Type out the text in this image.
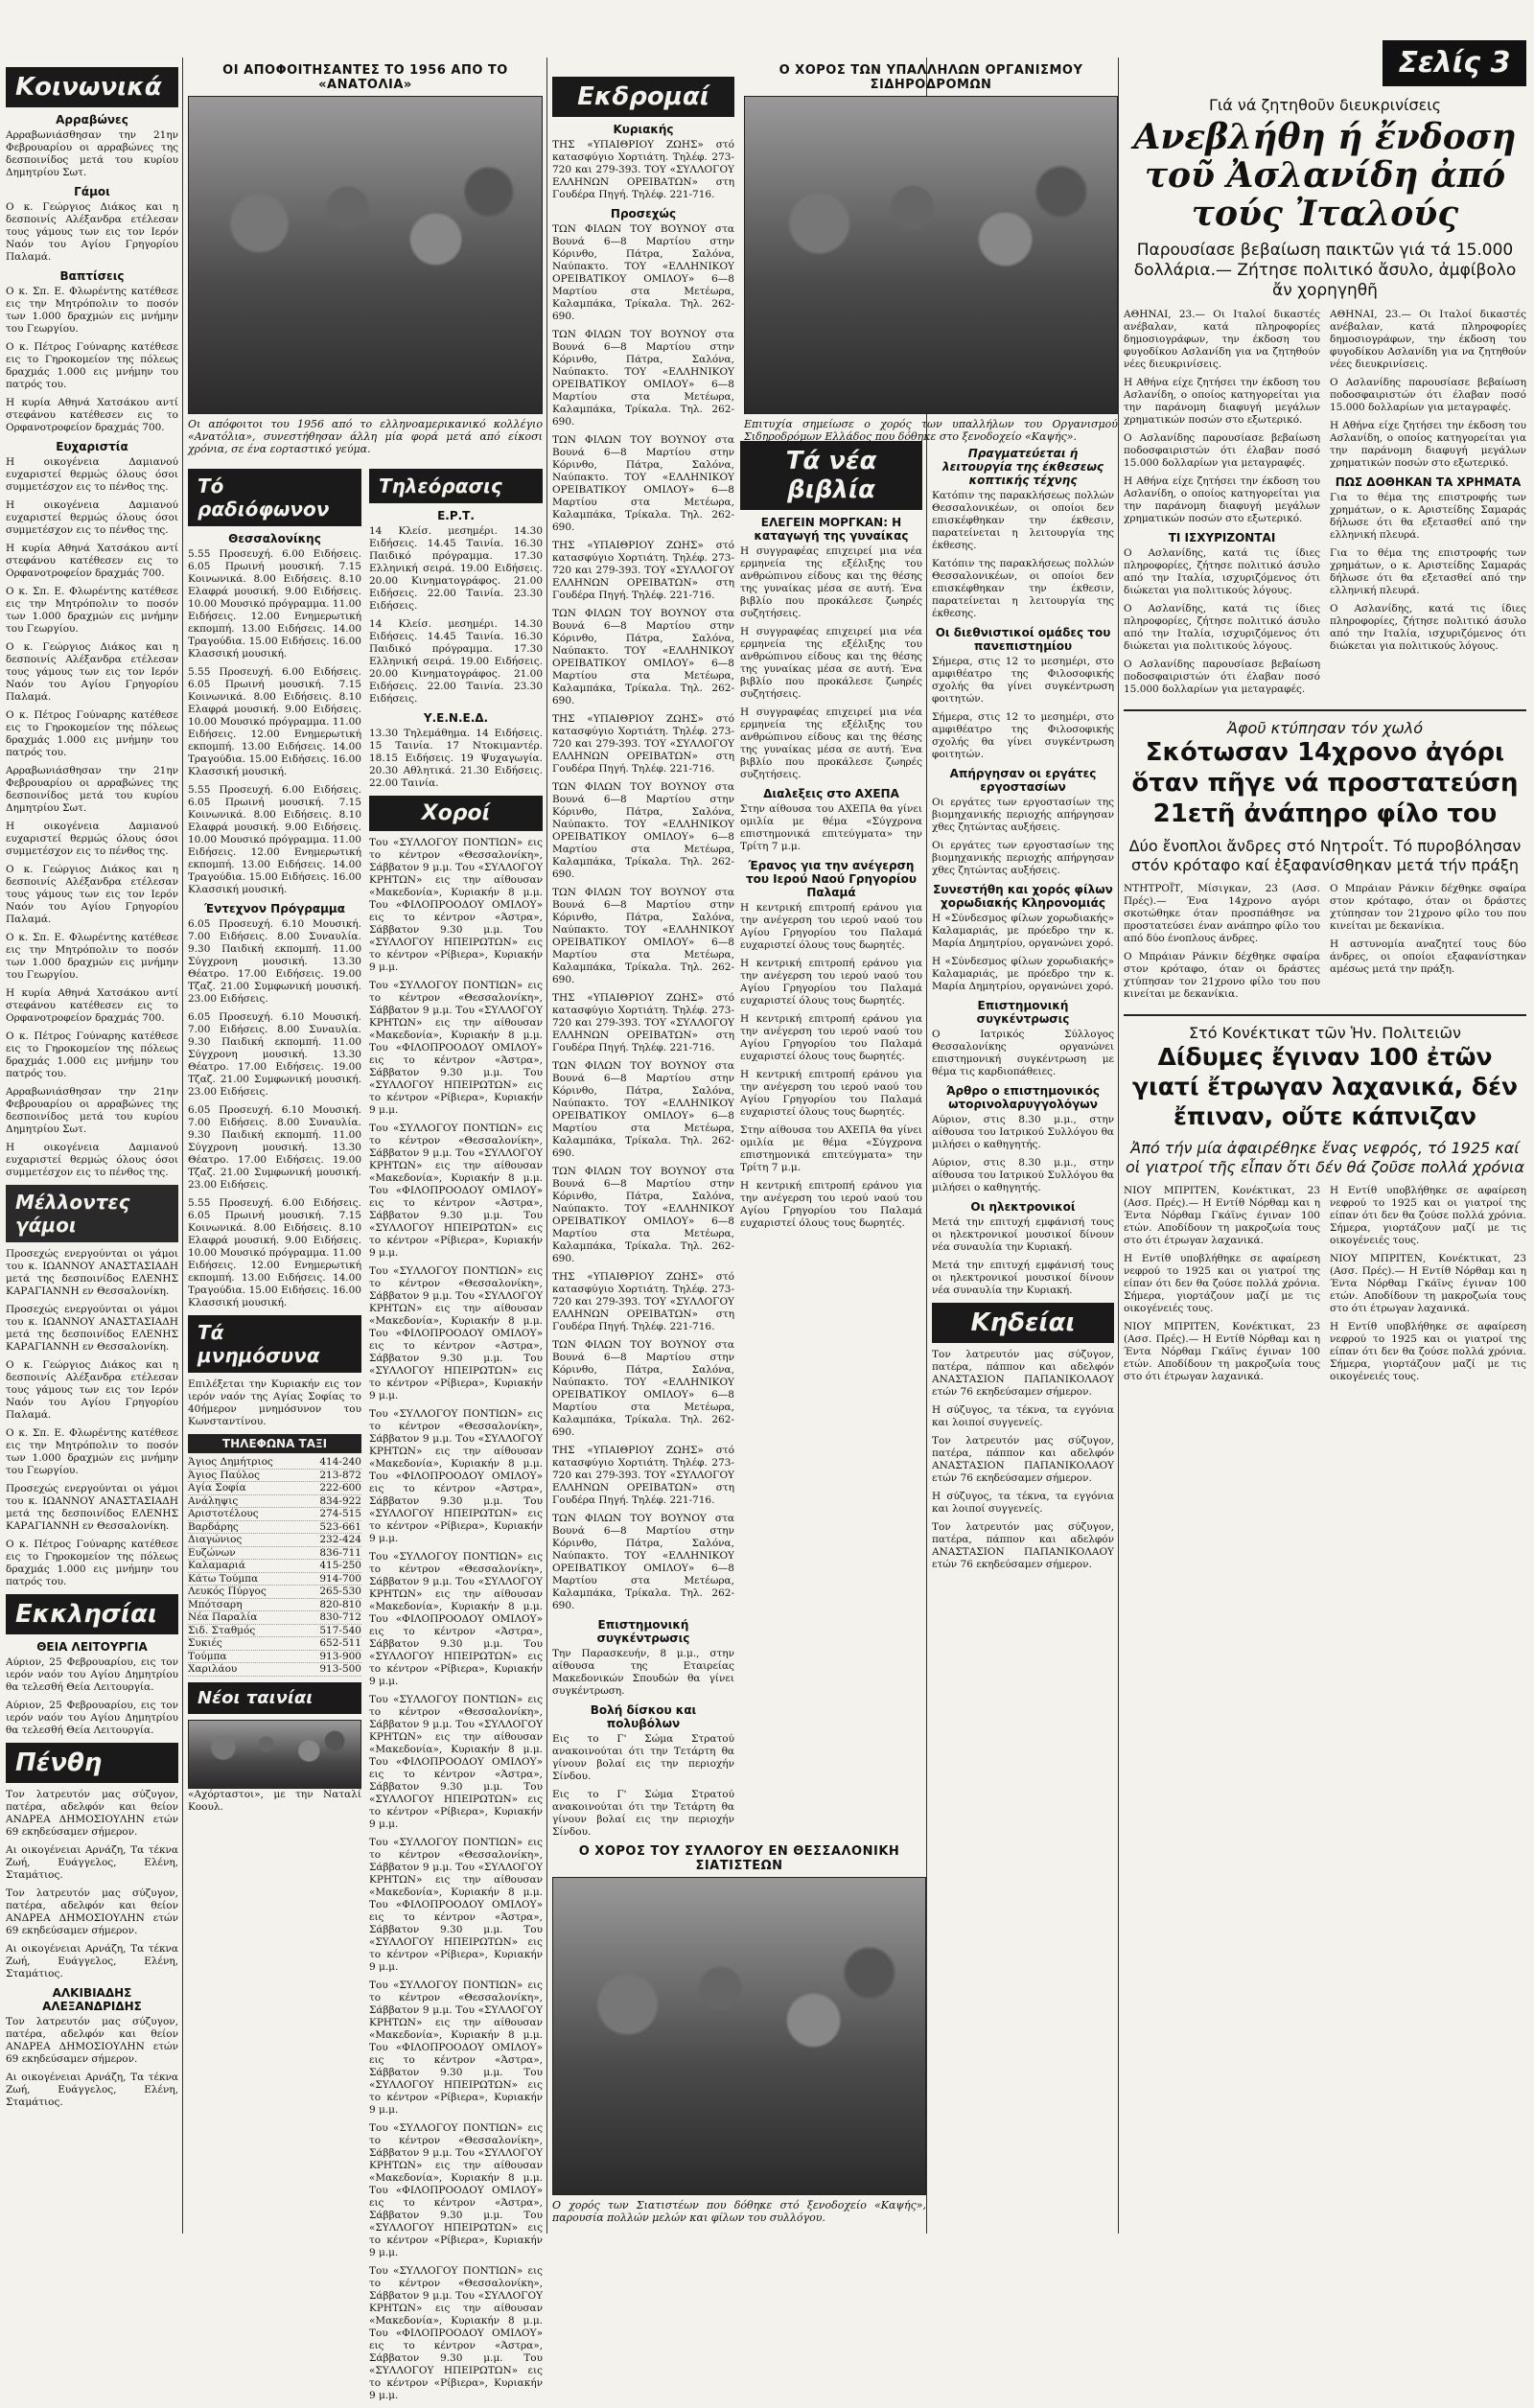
Κοινωνικά
Αρραβώνες

Αρραβωνιάσθησαν την 21ην Φεβρουαρίου οι αρραβώνες της δεσποινίδος μετά του κυρίου Δημητρίου Σωτ.

Γάμοι

Ο κ. Γεώργιος Διάκος και η δεσποινίς Αλέξανδρα ετέλεσαν τους γάμους των εις τον Ιερόν Ναόν του Αγίου Γρηγορίου Παλαμά.

Βαπτίσεις

Ο κ. Σπ. Ε. Φλωρέντης κατέθεσε εις την Μητρόπολιν το ποσόν των 1.000 δραχμών εις μνήμην του Γεωργίου.

Ο κ. Πέτρος Γούναρης κατέθεσε εις το Γηροκομείον της πόλεως δραχμάς 1.000 εις μνήμην του πατρός του.

Η κυρία Αθηνά Χατσάκου αντί στεφάνου κατέθεσεν εις το Ορφανοτροφείον δραχμάς 700.

Ευχαριστία

Η οικογένεια Δαμιανού ευχαριστεί θερμώς όλους όσοι συμμετέσχον εις το πένθος της.

Η οικογένεια Δαμιανού ευχαριστεί θερμώς όλους όσοι συμμετέσχον εις το πένθος της.

Η κυρία Αθηνά Χατσάκου αντί στεφάνου κατέθεσεν εις το Ορφανοτροφείον δραχμάς 700.

Ο κ. Σπ. Ε. Φλωρέντης κατέθεσε εις την Μητρόπολιν το ποσόν των 1.000 δραχμών εις μνήμην του Γεωργίου.

Ο κ. Γεώργιος Διάκος και η δεσποινίς Αλέξανδρα ετέλεσαν τους γάμους των εις τον Ιερόν Ναόν του Αγίου Γρηγορίου Παλαμά.

Ο κ. Πέτρος Γούναρης κατέθεσε εις το Γηροκομείον της πόλεως δραχμάς 1.000 εις μνήμην του πατρός του.

Αρραβωνιάσθησαν την 21ην Φεβρουαρίου οι αρραβώνες της δεσποινίδος μετά του κυρίου Δημητρίου Σωτ.

Η οικογένεια Δαμιανού ευχαριστεί θερμώς όλους όσοι συμμετέσχον εις το πένθος της.

Ο κ. Γεώργιος Διάκος και η δεσποινίς Αλέξανδρα ετέλεσαν τους γάμους των εις τον Ιερόν Ναόν του Αγίου Γρηγορίου Παλαμά.

Ο κ. Σπ. Ε. Φλωρέντης κατέθεσε εις την Μητρόπολιν το ποσόν των 1.000 δραχμών εις μνήμην του Γεωργίου.

Η κυρία Αθηνά Χατσάκου αντί στεφάνου κατέθεσεν εις το Ορφανοτροφείον δραχμάς 700.

Ο κ. Πέτρος Γούναρης κατέθεσε εις το Γηροκομείον της πόλεως δραχμάς 1.000 εις μνήμην του πατρός του.

Αρραβωνιάσθησαν την 21ην Φεβρουαρίου οι αρραβώνες της δεσποινίδος μετά του κυρίου Δημητρίου Σωτ.

Η οικογένεια Δαμιανού ευχαριστεί θερμώς όλους όσοι συμμετέσχον εις το πένθος της.

Μέλλοντες γάμοι

Προσεχώς ενεργούνται οι γάμοι του κ. ΙΩΑΝΝΟΥ ΑΝΑΣΤΑΣΙΑΔΗ μετά της δεσποινίδος ΕΛΕΝΗΣ ΚΑΡΑΓΙΑΝΝΗ εν Θεσσαλονίκη.

Προσεχώς ενεργούνται οι γάμοι του κ. ΙΩΑΝΝΟΥ ΑΝΑΣΤΑΣΙΑΔΗ μετά της δεσποινίδος ΕΛΕΝΗΣ ΚΑΡΑΓΙΑΝΝΗ εν Θεσσαλονίκη.

Ο κ. Γεώργιος Διάκος και η δεσποινίς Αλέξανδρα ετέλεσαν τους γάμους των εις τον Ιερόν Ναόν του Αγίου Γρηγορίου Παλαμά.

Ο κ. Σπ. Ε. Φλωρέντης κατέθεσε εις την Μητρόπολιν το ποσόν των 1.000 δραχμών εις μνήμην του Γεωργίου.

Προσεχώς ενεργούνται οι γάμοι του κ. ΙΩΑΝΝΟΥ ΑΝΑΣΤΑΣΙΑΔΗ μετά της δεσποινίδος ΕΛΕΝΗΣ ΚΑΡΑΓΙΑΝΝΗ εν Θεσσαλονίκη.

Ο κ. Πέτρος Γούναρης κατέθεσε εις το Γηροκομείον της πόλεως δραχμάς 1.000 εις μνήμην του πατρός του.

Εκκλησίαι
ΘΕΙΑ ΛΕΙΤΟΥΡΓΙΑ

Αύριον, 25 Φεβρουαρίου, εις τον ιερόν ναόν του Αγίου Δημητρίου θα τελεσθή Θεία Λειτουργία.

Αύριον, 25 Φεβρουαρίου, εις τον ιερόν ναόν του Αγίου Δημητρίου θα τελεσθή Θεία Λειτουργία.

Πένθη

Τον λατρευτόν μας σύζυγον, πατέρα, αδελφόν και θείον ΑΝΔΡΕΑ ΔΗΜΟΣΙΟΥΛΗΝ ετών 69 εκηδεύσαμεν σήμερον.

Αι οικογένειαι Αρνάζη, Τα τέκνα Ζωή, Ευάγγελος, Ελένη, Σταμάτιος.

Τον λατρευτόν μας σύζυγον, πατέρα, αδελφόν και θείον ΑΝΔΡΕΑ ΔΗΜΟΣΙΟΥΛΗΝ ετών 69 εκηδεύσαμεν σήμερον.

Αι οικογένειαι Αρνάζη, Τα τέκνα Ζωή, Ευάγγελος, Ελένη, Σταμάτιος.

ΑΛΚΙΒΙΑΔΗΣ ΑΛΕΞΑΝΔΡΙΔΗΣ

Τον λατρευτόν μας σύζυγον, πατέρα, αδελφόν και θείον ΑΝΔΡΕΑ ΔΗΜΟΣΙΟΥΛΗΝ ετών 69 εκηδεύσαμεν σήμερον.

Αι οικογένειαι Αρνάζη, Τα τέκνα Ζωή, Ευάγγελος, Ελένη, Σταμάτιος.

ΟΙ ΑΠΟΦΟΙΤΗΣΑΝΤΕΣ ΤΟ 1956 ΑΠΟ ΤΟ «ΑΝΑΤΟΛΙΑ»
Οι απόφοιτοι του 1956 από το ελληνοαμερικανικό κολλέγιο «Ανατόλια», συνεστήθησαν άλλη μία φορά μετά από είκοσι χρόνια, σε ένα εορταστικό γεύμα.
Τό ραδιόφωνον
Θεσσαλονίκης

5.55 Προσευχή. 6.00 Ειδήσεις. 6.05 Πρωινή μουσική. 7.15 Κοινωνικά. 8.00 Ειδήσεις. 8.10 Ελαφρά μουσική. 9.00 Ειδήσεις. 10.00 Μουσικό πρόγραμμα. 11.00 Ειδήσεις. 12.00 Ενημερωτική εκπομπή. 13.00 Ειδήσεις. 14.00 Τραγούδια. 15.00 Ειδήσεις. 16.00 Κλασσική μουσική.

5.55 Προσευχή. 6.00 Ειδήσεις. 6.05 Πρωινή μουσική. 7.15 Κοινωνικά. 8.00 Ειδήσεις. 8.10 Ελαφρά μουσική. 9.00 Ειδήσεις. 10.00 Μουσικό πρόγραμμα. 11.00 Ειδήσεις. 12.00 Ενημερωτική εκπομπή. 13.00 Ειδήσεις. 14.00 Τραγούδια. 15.00 Ειδήσεις. 16.00 Κλασσική μουσική.

5.55 Προσευχή. 6.00 Ειδήσεις. 6.05 Πρωινή μουσική. 7.15 Κοινωνικά. 8.00 Ειδήσεις. 8.10 Ελαφρά μουσική. 9.00 Ειδήσεις. 10.00 Μουσικό πρόγραμμα. 11.00 Ειδήσεις. 12.00 Ενημερωτική εκπομπή. 13.00 Ειδήσεις. 14.00 Τραγούδια. 15.00 Ειδήσεις. 16.00 Κλασσική μουσική.

Έντεχνον Πρόγραμμα

6.05 Προσευχή. 6.10 Μουσική. 7.00 Ειδήσεις. 8.00 Συναυλία. 9.30 Παιδική εκπομπή. 11.00 Σύγχρονη μουσική. 13.30 Θέατρο. 17.00 Ειδήσεις. 19.00 Τζαζ. 21.00 Συμφωνική μουσική. 23.00 Ειδήσεις.

6.05 Προσευχή. 6.10 Μουσική. 7.00 Ειδήσεις. 8.00 Συναυλία. 9.30 Παιδική εκπομπή. 11.00 Σύγχρονη μουσική. 13.30 Θέατρο. 17.00 Ειδήσεις. 19.00 Τζαζ. 21.00 Συμφωνική μουσική. 23.00 Ειδήσεις.

6.05 Προσευχή. 6.10 Μουσική. 7.00 Ειδήσεις. 8.00 Συναυλία. 9.30 Παιδική εκπομπή. 11.00 Σύγχρονη μουσική. 13.30 Θέατρο. 17.00 Ειδήσεις. 19.00 Τζαζ. 21.00 Συμφωνική μουσική. 23.00 Ειδήσεις.

5.55 Προσευχή. 6.00 Ειδήσεις. 6.05 Πρωινή μουσική. 7.15 Κοινωνικά. 8.00 Ειδήσεις. 8.10 Ελαφρά μουσική. 9.00 Ειδήσεις. 10.00 Μουσικό πρόγραμμα. 11.00 Ειδήσεις. 12.00 Ενημερωτική εκπομπή. 13.00 Ειδήσεις. 14.00 Τραγούδια. 15.00 Ειδήσεις. 16.00 Κλασσική μουσική.

Τά μνημόσυνα

Επιλέξεται την Κυριακήν εις τον ιερόν ναόν της Αγίας Σοφίας το 40ήμερον μνημόσυνον του Κωνσταντίνου.

ΤΗΛΕΦΩΝΑ ΤΑΞΙ
Άγιος Δημήτριος	414-240
Άγιος Παύλος	213-872
Αγία Σοφία	222-600
Ανάληψις	834-922
Αριστοτέλους	274-515
Βαρδάρης	523-661
Διαγώνιος	232-424
Ευζώνων	836-711
Καλαμαριά	415-250
Κάτω Τούμπα	914-700
Λευκός Πύργος	265-530
Μπότσαρη	820-810
Νέα Παραλία	830-712
Σιδ. Σταθμός	517-540
Συκιές	652-511
Τούμπα	913-900
Χαριλάου	913-500
Νέοι ταινίαι

«Αχόρταστοι», με την Ναταλί Κοουλ.

Τηλεόρασις
Ε.Ρ.Τ.

14 Κλείσ. μεσημέρι. 14.30 Ειδήσεις. 14.45 Ταινία. 16.30 Παιδικό πρόγραμμα. 17.30 Ελληνική σειρά. 19.00 Ειδήσεις. 20.00 Κινηματογράφος. 21.00 Ειδήσεις. 22.00 Ταινία. 23.30 Ειδήσεις.

14 Κλείσ. μεσημέρι. 14.30 Ειδήσεις. 14.45 Ταινία. 16.30 Παιδικό πρόγραμμα. 17.30 Ελληνική σειρά. 19.00 Ειδήσεις. 20.00 Κινηματογράφος. 21.00 Ειδήσεις. 22.00 Ταινία. 23.30 Ειδήσεις.

Υ.Ε.Ν.Ε.Δ.

13.30 Τηλεμάθημα. 14 Ειδήσεις. 15 Ταινία. 17 Ντοκιμαντέρ. 18.15 Ειδήσεις. 19 Ψυχαγωγία. 20.30 Αθλητικά. 21.30 Ειδήσεις. 22.00 Ταινία.

Χοροί

Του «ΣΥΛΛΟΓΟΥ ΠΟΝΤΙΩΝ» εις το κέντρον «Θεσσαλονίκη», Σάββατον 9 μ.μ. Του «ΣΥΛΛΟΓΟΥ ΚΡΗΤΩΝ» εις την αίθουσαν «Μακεδονία», Κυριακήν 8 μ.μ. Του «ΦΙΛΟΠΡΟΟΔΟΥ ΟΜΙΛΟΥ» εις το κέντρον «Άστρα», Σάββατον 9.30 μ.μ. Του «ΣΥΛΛΟΓΟΥ ΗΠΕΙΡΩΤΩΝ» εις το κέντρον «Ρίβιερα», Κυριακήν 9 μ.μ.

Του «ΣΥΛΛΟΓΟΥ ΠΟΝΤΙΩΝ» εις το κέντρον «Θεσσαλονίκη», Σάββατον 9 μ.μ. Του «ΣΥΛΛΟΓΟΥ ΚΡΗΤΩΝ» εις την αίθουσαν «Μακεδονία», Κυριακήν 8 μ.μ. Του «ΦΙΛΟΠΡΟΟΔΟΥ ΟΜΙΛΟΥ» εις το κέντρον «Άστρα», Σάββατον 9.30 μ.μ. Του «ΣΥΛΛΟΓΟΥ ΗΠΕΙΡΩΤΩΝ» εις το κέντρον «Ρίβιερα», Κυριακήν 9 μ.μ.

Του «ΣΥΛΛΟΓΟΥ ΠΟΝΤΙΩΝ» εις το κέντρον «Θεσσαλονίκη», Σάββατον 9 μ.μ. Του «ΣΥΛΛΟΓΟΥ ΚΡΗΤΩΝ» εις την αίθουσαν «Μακεδονία», Κυριακήν 8 μ.μ. Του «ΦΙΛΟΠΡΟΟΔΟΥ ΟΜΙΛΟΥ» εις το κέντρον «Άστρα», Σάββατον 9.30 μ.μ. Του «ΣΥΛΛΟΓΟΥ ΗΠΕΙΡΩΤΩΝ» εις το κέντρον «Ρίβιερα», Κυριακήν 9 μ.μ.

Του «ΣΥΛΛΟΓΟΥ ΠΟΝΤΙΩΝ» εις το κέντρον «Θεσσαλονίκη», Σάββατον 9 μ.μ. Του «ΣΥΛΛΟΓΟΥ ΚΡΗΤΩΝ» εις την αίθουσαν «Μακεδονία», Κυριακήν 8 μ.μ. Του «ΦΙΛΟΠΡΟΟΔΟΥ ΟΜΙΛΟΥ» εις το κέντρον «Άστρα», Σάββατον 9.30 μ.μ. Του «ΣΥΛΛΟΓΟΥ ΗΠΕΙΡΩΤΩΝ» εις το κέντρον «Ρίβιερα», Κυριακήν 9 μ.μ.

Του «ΣΥΛΛΟΓΟΥ ΠΟΝΤΙΩΝ» εις το κέντρον «Θεσσαλονίκη», Σάββατον 9 μ.μ. Του «ΣΥΛΛΟΓΟΥ ΚΡΗΤΩΝ» εις την αίθουσαν «Μακεδονία», Κυριακήν 8 μ.μ. Του «ΦΙΛΟΠΡΟΟΔΟΥ ΟΜΙΛΟΥ» εις το κέντρον «Άστρα», Σάββατον 9.30 μ.μ. Του «ΣΥΛΛΟΓΟΥ ΗΠΕΙΡΩΤΩΝ» εις το κέντρον «Ρίβιερα», Κυριακήν 9 μ.μ.

Του «ΣΥΛΛΟΓΟΥ ΠΟΝΤΙΩΝ» εις το κέντρον «Θεσσαλονίκη», Σάββατον 9 μ.μ. Του «ΣΥΛΛΟΓΟΥ ΚΡΗΤΩΝ» εις την αίθουσαν «Μακεδονία», Κυριακήν 8 μ.μ. Του «ΦΙΛΟΠΡΟΟΔΟΥ ΟΜΙΛΟΥ» εις το κέντρον «Άστρα», Σάββατον 9.30 μ.μ. Του «ΣΥΛΛΟΓΟΥ ΗΠΕΙΡΩΤΩΝ» εις το κέντρον «Ρίβιερα», Κυριακήν 9 μ.μ.

Του «ΣΥΛΛΟΓΟΥ ΠΟΝΤΙΩΝ» εις το κέντρον «Θεσσαλονίκη», Σάββατον 9 μ.μ. Του «ΣΥΛΛΟΓΟΥ ΚΡΗΤΩΝ» εις την αίθουσαν «Μακεδονία», Κυριακήν 8 μ.μ. Του «ΦΙΛΟΠΡΟΟΔΟΥ ΟΜΙΛΟΥ» εις το κέντρον «Άστρα», Σάββατον 9.30 μ.μ. Του «ΣΥΛΛΟΓΟΥ ΗΠΕΙΡΩΤΩΝ» εις το κέντρον «Ρίβιερα», Κυριακήν 9 μ.μ.

Του «ΣΥΛΛΟΓΟΥ ΠΟΝΤΙΩΝ» εις το κέντρον «Θεσσαλονίκη», Σάββατον 9 μ.μ. Του «ΣΥΛΛΟΓΟΥ ΚΡΗΤΩΝ» εις την αίθουσαν «Μακεδονία», Κυριακήν 8 μ.μ. Του «ΦΙΛΟΠΡΟΟΔΟΥ ΟΜΙΛΟΥ» εις το κέντρον «Άστρα», Σάββατον 9.30 μ.μ. Του «ΣΥΛΛΟΓΟΥ ΗΠΕΙΡΩΤΩΝ» εις το κέντρον «Ρίβιερα», Κυριακήν 9 μ.μ.

Του «ΣΥΛΛΟΓΟΥ ΠΟΝΤΙΩΝ» εις το κέντρον «Θεσσαλονίκη», Σάββατον 9 μ.μ. Του «ΣΥΛΛΟΓΟΥ ΚΡΗΤΩΝ» εις την αίθουσαν «Μακεδονία», Κυριακήν 8 μ.μ. Του «ΦΙΛΟΠΡΟΟΔΟΥ ΟΜΙΛΟΥ» εις το κέντρον «Άστρα», Σάββατον 9.30 μ.μ. Του «ΣΥΛΛΟΓΟΥ ΗΠΕΙΡΩΤΩΝ» εις το κέντρον «Ρίβιερα», Κυριακήν 9 μ.μ.

Του «ΣΥΛΛΟΓΟΥ ΠΟΝΤΙΩΝ» εις το κέντρον «Θεσσαλονίκη», Σάββατον 9 μ.μ. Του «ΣΥΛΛΟΓΟΥ ΚΡΗΤΩΝ» εις την αίθουσαν «Μακεδονία», Κυριακήν 8 μ.μ. Του «ΦΙΛΟΠΡΟΟΔΟΥ ΟΜΙΛΟΥ» εις το κέντρον «Άστρα», Σάββατον 9.30 μ.μ. Του «ΣΥΛΛΟΓΟΥ ΗΠΕΙΡΩΤΩΝ» εις το κέντρον «Ρίβιερα», Κυριακήν 9 μ.μ.

Του «ΣΥΛΛΟΓΟΥ ΠΟΝΤΙΩΝ» εις το κέντρον «Θεσσαλονίκη», Σάββατον 9 μ.μ. Του «ΣΥΛΛΟΓΟΥ ΚΡΗΤΩΝ» εις την αίθουσαν «Μακεδονία», Κυριακήν 8 μ.μ. Του «ΦΙΛΟΠΡΟΟΔΟΥ ΟΜΙΛΟΥ» εις το κέντρον «Άστρα», Σάββατον 9.30 μ.μ. Του «ΣΥΛΛΟΓΟΥ ΗΠΕΙΡΩΤΩΝ» εις το κέντρον «Ρίβιερα», Κυριακήν 9 μ.μ.

Εκδρομαί
Κυριακής

ΤΗΣ «ΥΠΑΙΘΡΙΟΥ ΖΩΗΣ» στό κατασφύγιο Χορτιάτη. Τηλέφ. 273-720 και 279-393. ΤΟΥ «ΣΥΛΛΟΓΟΥ ΕΛΛΗΝΩΝ ΟΡΕΙΒΑΤΩΝ» στη Γουδέρα Πηγή. Τηλέφ. 221-716.

Προσεχώς

ΤΩΝ ΦΙΛΩΝ ΤΟΥ ΒΟΥΝΟΥ στα Βουνά 6—8 Μαρτίου στην Κόρινθο, Πάτρα, Σαλόνα, Ναύπακτο. ΤΟΥ «ΕΛΛΗΝΙΚΟΥ ΟΡΕΙΒΑΤΙΚΟΥ ΟΜΙΛΟΥ» 6—8 Μαρτίου στα Μετέωρα, Καλαμπάκα, Τρίκαλα. Τηλ. 262-690.

ΤΩΝ ΦΙΛΩΝ ΤΟΥ ΒΟΥΝΟΥ στα Βουνά 6—8 Μαρτίου στην Κόρινθο, Πάτρα, Σαλόνα, Ναύπακτο. ΤΟΥ «ΕΛΛΗΝΙΚΟΥ ΟΡΕΙΒΑΤΙΚΟΥ ΟΜΙΛΟΥ» 6—8 Μαρτίου στα Μετέωρα, Καλαμπάκα, Τρίκαλα. Τηλ. 262-690.

ΤΩΝ ΦΙΛΩΝ ΤΟΥ ΒΟΥΝΟΥ στα Βουνά 6—8 Μαρτίου στην Κόρινθο, Πάτρα, Σαλόνα, Ναύπακτο. ΤΟΥ «ΕΛΛΗΝΙΚΟΥ ΟΡΕΙΒΑΤΙΚΟΥ ΟΜΙΛΟΥ» 6—8 Μαρτίου στα Μετέωρα, Καλαμπάκα, Τρίκαλα. Τηλ. 262-690.

ΤΗΣ «ΥΠΑΙΘΡΙΟΥ ΖΩΗΣ» στό κατασφύγιο Χορτιάτη. Τηλέφ. 273-720 και 279-393. ΤΟΥ «ΣΥΛΛΟΓΟΥ ΕΛΛΗΝΩΝ ΟΡΕΙΒΑΤΩΝ» στη Γουδέρα Πηγή. Τηλέφ. 221-716.

ΤΩΝ ΦΙΛΩΝ ΤΟΥ ΒΟΥΝΟΥ στα Βουνά 6—8 Μαρτίου στην Κόρινθο, Πάτρα, Σαλόνα, Ναύπακτο. ΤΟΥ «ΕΛΛΗΝΙΚΟΥ ΟΡΕΙΒΑΤΙΚΟΥ ΟΜΙΛΟΥ» 6—8 Μαρτίου στα Μετέωρα, Καλαμπάκα, Τρίκαλα. Τηλ. 262-690.

ΤΗΣ «ΥΠΑΙΘΡΙΟΥ ΖΩΗΣ» στό κατασφύγιο Χορτιάτη. Τηλέφ. 273-720 και 279-393. ΤΟΥ «ΣΥΛΛΟΓΟΥ ΕΛΛΗΝΩΝ ΟΡΕΙΒΑΤΩΝ» στη Γουδέρα Πηγή. Τηλέφ. 221-716.

ΤΩΝ ΦΙΛΩΝ ΤΟΥ ΒΟΥΝΟΥ στα Βουνά 6—8 Μαρτίου στην Κόρινθο, Πάτρα, Σαλόνα, Ναύπακτο. ΤΟΥ «ΕΛΛΗΝΙΚΟΥ ΟΡΕΙΒΑΤΙΚΟΥ ΟΜΙΛΟΥ» 6—8 Μαρτίου στα Μετέωρα, Καλαμπάκα, Τρίκαλα. Τηλ. 262-690.

ΤΩΝ ΦΙΛΩΝ ΤΟΥ ΒΟΥΝΟΥ στα Βουνά 6—8 Μαρτίου στην Κόρινθο, Πάτρα, Σαλόνα, Ναύπακτο. ΤΟΥ «ΕΛΛΗΝΙΚΟΥ ΟΡΕΙΒΑΤΙΚΟΥ ΟΜΙΛΟΥ» 6—8 Μαρτίου στα Μετέωρα, Καλαμπάκα, Τρίκαλα. Τηλ. 262-690.

ΤΗΣ «ΥΠΑΙΘΡΙΟΥ ΖΩΗΣ» στό κατασφύγιο Χορτιάτη. Τηλέφ. 273-720 και 279-393. ΤΟΥ «ΣΥΛΛΟΓΟΥ ΕΛΛΗΝΩΝ ΟΡΕΙΒΑΤΩΝ» στη Γουδέρα Πηγή. Τηλέφ. 221-716.

ΤΩΝ ΦΙΛΩΝ ΤΟΥ ΒΟΥΝΟΥ στα Βουνά 6—8 Μαρτίου στην Κόρινθο, Πάτρα, Σαλόνα, Ναύπακτο. ΤΟΥ «ΕΛΛΗΝΙΚΟΥ ΟΡΕΙΒΑΤΙΚΟΥ ΟΜΙΛΟΥ» 6—8 Μαρτίου στα Μετέωρα, Καλαμπάκα, Τρίκαλα. Τηλ. 262-690.

ΤΩΝ ΦΙΛΩΝ ΤΟΥ ΒΟΥΝΟΥ στα Βουνά 6—8 Μαρτίου στην Κόρινθο, Πάτρα, Σαλόνα, Ναύπακτο. ΤΟΥ «ΕΛΛΗΝΙΚΟΥ ΟΡΕΙΒΑΤΙΚΟΥ ΟΜΙΛΟΥ» 6—8 Μαρτίου στα Μετέωρα, Καλαμπάκα, Τρίκαλα. Τηλ. 262-690.

ΤΗΣ «ΥΠΑΙΘΡΙΟΥ ΖΩΗΣ» στό κατασφύγιο Χορτιάτη. Τηλέφ. 273-720 και 279-393. ΤΟΥ «ΣΥΛΛΟΓΟΥ ΕΛΛΗΝΩΝ ΟΡΕΙΒΑΤΩΝ» στη Γουδέρα Πηγή. Τηλέφ. 221-716.

ΤΩΝ ΦΙΛΩΝ ΤΟΥ ΒΟΥΝΟΥ στα Βουνά 6—8 Μαρτίου στην Κόρινθο, Πάτρα, Σαλόνα, Ναύπακτο. ΤΟΥ «ΕΛΛΗΝΙΚΟΥ ΟΡΕΙΒΑΤΙΚΟΥ ΟΜΙΛΟΥ» 6—8 Μαρτίου στα Μετέωρα, Καλαμπάκα, Τρίκαλα. Τηλ. 262-690.

ΤΗΣ «ΥΠΑΙΘΡΙΟΥ ΖΩΗΣ» στό κατασφύγιο Χορτιάτη. Τηλέφ. 273-720 και 279-393. ΤΟΥ «ΣΥΛΛΟΓΟΥ ΕΛΛΗΝΩΝ ΟΡΕΙΒΑΤΩΝ» στη Γουδέρα Πηγή. Τηλέφ. 221-716.

ΤΩΝ ΦΙΛΩΝ ΤΟΥ ΒΟΥΝΟΥ στα Βουνά 6—8 Μαρτίου στην Κόρινθο, Πάτρα, Σαλόνα, Ναύπακτο. ΤΟΥ «ΕΛΛΗΝΙΚΟΥ ΟΡΕΙΒΑΤΙΚΟΥ ΟΜΙΛΟΥ» 6—8 Μαρτίου στα Μετέωρα, Καλαμπάκα, Τρίκαλα. Τηλ. 262-690.

Επιστημονική συγκέντρωσις

Την Παρασκευήν, 8 μ.μ., στην αίθουσα της Εταιρείας Μακεδονικών Σπουδών θα γίνει συγκέντρωση.

Βολή δίσκου και πολυβόλων

Εις το Γ' Σώμα Στρατού ανακοινούται ότι την Τετάρτη θα γίνουν βολαί εις την περιοχήν Σίνδου.

Εις το Γ' Σώμα Στρατού ανακοινούται ότι την Τετάρτη θα γίνουν βολαί εις την περιοχήν Σίνδου.

Τά νέα βιβλία
ΕΛΕΓΕΙΝ ΜΟΡΓΚΑΝ: Η καταγωγή της γυναίκας

Η συγγραφέας επιχειρεί μια νέα ερμηνεία της εξέλιξης του ανθρώπινου είδους και της θέσης της γυναίκας μέσα σε αυτή. Ένα βιβλίο που προκάλεσε ζωηρές συζητήσεις.

Η συγγραφέας επιχειρεί μια νέα ερμηνεία της εξέλιξης του ανθρώπινου είδους και της θέσης της γυναίκας μέσα σε αυτή. Ένα βιβλίο που προκάλεσε ζωηρές συζητήσεις.

Η συγγραφέας επιχειρεί μια νέα ερμηνεία της εξέλιξης του ανθρώπινου είδους και της θέσης της γυναίκας μέσα σε αυτή. Ένα βιβλίο που προκάλεσε ζωηρές συζητήσεις.

Διαλεξεις στο ΑΧΕΠΑ

Στην αίθουσα του ΑΧΕΠΑ θα γίνει ομιλία με θέμα «Σύγχρονα επιστημονικά επιτεύγματα» την Τρίτη 7 μ.μ.

Έρανος για την ανέγερση του Ιερού Ναού Γρηγορίου Παλαμά

Η κεντρική επιτροπή εράνου για την ανέγερση του ιερού ναού του Αγίου Γρηγορίου του Παλαμά ευχαριστεί όλους τους δωρητές.

Η κεντρική επιτροπή εράνου για την ανέγερση του ιερού ναού του Αγίου Γρηγορίου του Παλαμά ευχαριστεί όλους τους δωρητές.

Η κεντρική επιτροπή εράνου για την ανέγερση του ιερού ναού του Αγίου Γρηγορίου του Παλαμά ευχαριστεί όλους τους δωρητές.

Η κεντρική επιτροπή εράνου για την ανέγερση του ιερού ναού του Αγίου Γρηγορίου του Παλαμά ευχαριστεί όλους τους δωρητές.

Στην αίθουσα του ΑΧΕΠΑ θα γίνει ομιλία με θέμα «Σύγχρονα επιστημονικά επιτεύγματα» την Τρίτη 7 μ.μ.

Η κεντρική επιτροπή εράνου για την ανέγερση του ιερού ναού του Αγίου Γρηγορίου του Παλαμά ευχαριστεί όλους τους δωρητές.

Ο ΧΟΡΟΣ ΤΟΥ ΣΥΛΛΟΓΟΥ ΕΝ ΘΕΣΣΑΛΟΝΙΚΗ ΣΙΑΤΙΣΤΕΩΝ
Ο χορός των Σιατιστέων που δόθηκε στό ξενοδοχείο «Καψής», παρουσία πολλών μελών και φίλων του συλλόγου.
Ο ΧΟΡΟΣ ΤΩΝ ΥΠΑΛΛΗΛΩΝ ΟΡΓΑΝΙΣΜΟΥ ΣΙΔΗΡΟΔΡΟΜΩΝ
Επιτυχία σημείωσε ο χορός των υπαλλήλων του Οργανισμού Σιδηροδρόμων Ελλάδος που δόθηκε στο ξενοδοχείο «Καψής».
Πραγματεύεται ή λειτουργία της έκθεσεως κοπτικής τέχνης

Κατόπιν της παρακλήσεως πολλών Θεσσαλονικέων, οι οποίοι δεν επισκέφθηκαν την έκθεσιν, παρατείνεται η λειτουργία της έκθεσης.

Κατόπιν της παρακλήσεως πολλών Θεσσαλονικέων, οι οποίοι δεν επισκέφθηκαν την έκθεσιν, παρατείνεται η λειτουργία της έκθεσης.

Οι διεθνιστικοί ομάδες του πανεπιστημίου

Σήμερα, στις 12 το μεσημέρι, στο αμφιθέατρο της Φιλοσοφικής σχολής θα γίνει συγκέντρωση φοιτητών.

Σήμερα, στις 12 το μεσημέρι, στο αμφιθέατρο της Φιλοσοφικής σχολής θα γίνει συγκέντρωση φοιτητών.

Απήργησαν οι εργάτες εργοστασίων

Οι εργάτες των εργοστασίων της βιομηχανικής περιοχής απήργησαν χθες ζητώντας αυξήσεις.

Οι εργάτες των εργοστασίων της βιομηχανικής περιοχής απήργησαν χθες ζητώντας αυξήσεις.

Συνεστήθη και χορός φίλων χορωδιακής Κληρονομιάς

Η «Σύνδεσμος φίλων χορωδιακής» Καλαμαριάς, με πρόεδρο την κ. Μαρία Δημητρίου, οργανώνει χορό.

Η «Σύνδεσμος φίλων χορωδιακής» Καλαμαριάς, με πρόεδρο την κ. Μαρία Δημητρίου, οργανώνει χορό.

Επιστημονική συγκέντρωσις

Ο Ιατρικός Σύλλογος Θεσσαλονίκης οργανώνει επιστημονική συγκέντρωση με θέμα τις καρδιοπάθειες.

Άρθρο ο επιστημονικός ωτορινολαρυγγολόγων

Αύριον, στις 8.30 μ.μ., στην αίθουσα του Ιατρικού Συλλόγου θα μιλήσει ο καθηγητής.

Αύριον, στις 8.30 μ.μ., στην αίθουσα του Ιατρικού Συλλόγου θα μιλήσει ο καθηγητής.

Οι ηλεκτρονικοί

Μετά την επιτυχή εμφάνισή τους οι ηλεκτρονικοί μουσικοί δίνουν νέα συναυλία την Κυριακή.

Μετά την επιτυχή εμφάνισή τους οι ηλεκτρονικοί μουσικοί δίνουν νέα συναυλία την Κυριακή.

Κηδείαι

Τον λατρευτόν μας σύζυγον, πατέρα, πάππον και αδελφόν ΑΝΑΣΤΑΣΙΟΝ ΠΑΠΑΝΙΚΟΛΑΟΥ ετών 76 εκηδεύσαμεν σήμερον.

Η σύζυγος, τα τέκνα, τα εγγόνια και λοιποί συγγενείς.

Τον λατρευτόν μας σύζυγον, πατέρα, πάππον και αδελφόν ΑΝΑΣΤΑΣΙΟΝ ΠΑΠΑΝΙΚΟΛΑΟΥ ετών 76 εκηδεύσαμεν σήμερον.

Η σύζυγος, τα τέκνα, τα εγγόνια και λοιποί συγγενείς.

Τον λατρευτόν μας σύζυγον, πατέρα, πάππον και αδελφόν ΑΝΑΣΤΑΣΙΟΝ ΠΑΠΑΝΙΚΟΛΑΟΥ ετών 76 εκηδεύσαμεν σήμερον.

Σελίς 3
Γιά νά ζητηθοῦν διευκρινίσεις
Ανεβλήθη ή ἔνδοση τοῦ Ἀσλανίδη ἀπό τούς Ἰταλούς
Παρουσίασε βεβαίωση παικτῶν γιά τά 15.000 δολλάρια.— Ζήτησε πολιτικό ἄσυλο, ἀμφίβολο ἄν χορηγηθῆ

ΑΘΗΝΑΙ, 23.— Οι Ιταλοί δικαστές ανέβαλαν, κατά πληροφορίες δημοσιογράφων, την έκδοση του φυγοδίκου Ασλανίδη για να ζητηθούν νέες διευκρινίσεις.

Η Αθήνα είχε ζητήσει την έκδοση του Ασλανίδη, ο οποίος κατηγορείται για την παράνομη διαφυγή μεγάλων χρηματικών ποσών στο εξωτερικό.

Ο Ασλανίδης παρουσίασε βεβαίωση ποδοσφαιριστών ότι έλαβαν ποσό 15.000 δολλαρίων για μεταγραφές.

Η Αθήνα είχε ζητήσει την έκδοση του Ασλανίδη, ο οποίος κατηγορείται για την παράνομη διαφυγή μεγάλων χρηματικών ποσών στο εξωτερικό.

ΤΙ ΙΣΧΥΡΙΖΟΝΤΑΙ

Ο Ασλανίδης, κατά τις ίδιες πληροφορίες, ζήτησε πολιτικό άσυλο από την Ιταλία, ισχυριζόμενος ότι διώκεται για πολιτικούς λόγους.

Ο Ασλανίδης, κατά τις ίδιες πληροφορίες, ζήτησε πολιτικό άσυλο από την Ιταλία, ισχυριζόμενος ότι διώκεται για πολιτικούς λόγους.

Ο Ασλανίδης παρουσίασε βεβαίωση ποδοσφαιριστών ότι έλαβαν ποσό 15.000 δολλαρίων για μεταγραφές.

ΑΘΗΝΑΙ, 23.— Οι Ιταλοί δικαστές ανέβαλαν, κατά πληροφορίες δημοσιογράφων, την έκδοση του φυγοδίκου Ασλανίδη για να ζητηθούν νέες διευκρινίσεις.

Ο Ασλανίδης παρουσίασε βεβαίωση ποδοσφαιριστών ότι έλαβαν ποσό 15.000 δολλαρίων για μεταγραφές.

Η Αθήνα είχε ζητήσει την έκδοση του Ασλανίδη, ο οποίος κατηγορείται για την παράνομη διαφυγή μεγάλων χρηματικών ποσών στο εξωτερικό.

ΠΩΣ ΔΟΘΗΚΑΝ ΤΑ ΧΡΗΜΑΤΑ

Για το θέμα της επιστροφής των χρημάτων, ο κ. Αριστείδης Σαμαράς δήλωσε ότι θα εξετασθεί από την ελληνική πλευρά.

Για το θέμα της επιστροφής των χρημάτων, ο κ. Αριστείδης Σαμαράς δήλωσε ότι θα εξετασθεί από την ελληνική πλευρά.

Ο Ασλανίδης, κατά τις ίδιες πληροφορίες, ζήτησε πολιτικό άσυλο από την Ιταλία, ισχυριζόμενος ότι διώκεται για πολιτικούς λόγους.

Ἀφοῦ κτύπησαν τόν χωλό
Σκότωσαν 14χρονο ἀγόρι ὅταν πῆγε νά προστατεύση 21ετῆ ἀνάπηρο φίλο του
Δύο ἔνοπλοι ἄνδρες στό Νητροΐτ. Τό πυροβόλησαν στόν κρόταφο καί ἐξαφανίσθηκαν μετά τήν πράξη

ΝΤΗΤΡΟΪΤ, Μίσιγκαν, 23 (Ασσ. Πρές).— Ένα 14χρονο αγόρι σκοτώθηκε όταν προσπάθησε να προστατεύσει έναν ανάπηρο φίλο του από δύο ένοπλους άνδρες.

Ο Μπράιαν Ράνκιν δέχθηκε σφαίρα στον κρόταφο, όταν οι δράστες χτύπησαν τον 21χρονο φίλο του που κινείται με δεκανίκια.

Ο Μπράιαν Ράνκιν δέχθηκε σφαίρα στον κρόταφο, όταν οι δράστες χτύπησαν τον 21χρονο φίλο του που κινείται με δεκανίκια.

Η αστυνομία αναζητεί τους δύο άνδρες, οι οποίοι εξαφανίστηκαν αμέσως μετά την πράξη.

Στό Κονέκτικατ τῶν Ἡν. Πολιτειῶν
Δίδυμες ἔγιναν 100 ἐτῶν γιατί ἔτρωγαν λαχανικά, δέν ἔπιναν, οὔτε κάπνιζαν
Ἀπό τήν μία ἀφαιρέθηκε ἕνας νεφρός, τό 1925 καί οἱ γιατροί τῆς εἶπαν ὅτι δέν θά ζοῦσε πολλά χρόνια

ΝΙΟΥ ΜΠΡΙΤΕΝ, Κονέκτικατ, 23 (Ασσ. Πρές).— Η Εντίθ Νόρθαμ και η Έντα Νόρθαμ Γκάϊνς έγιναν 100 ετών. Αποδίδουν τη μακροζωία τους στο ότι έτρωγαν λαχανικά.

Η Εντίθ υποβλήθηκε σε αφαίρεση νεφρού το 1925 και οι γιατροί της είπαν ότι δεν θα ζούσε πολλά χρόνια. Σήμερα, γιορτάζουν μαζί με τις οικογένειές τους.

ΝΙΟΥ ΜΠΡΙΤΕΝ, Κονέκτικατ, 23 (Ασσ. Πρές).— Η Εντίθ Νόρθαμ και η Έντα Νόρθαμ Γκάϊνς έγιναν 100 ετών. Αποδίδουν τη μακροζωία τους στο ότι έτρωγαν λαχανικά.

Η Εντίθ υποβλήθηκε σε αφαίρεση νεφρού το 1925 και οι γιατροί της είπαν ότι δεν θα ζούσε πολλά χρόνια. Σήμερα, γιορτάζουν μαζί με τις οικογένειές τους.

ΝΙΟΥ ΜΠΡΙΤΕΝ, Κονέκτικατ, 23 (Ασσ. Πρές).— Η Εντίθ Νόρθαμ και η Έντα Νόρθαμ Γκάϊνς έγιναν 100 ετών. Αποδίδουν τη μακροζωία τους στο ότι έτρωγαν λαχανικά.

Η Εντίθ υποβλήθηκε σε αφαίρεση νεφρού το 1925 και οι γιατροί της είπαν ότι δεν θα ζούσε πολλά χρόνια. Σήμερα, γιορτάζουν μαζί με τις οικογένειές τους.
